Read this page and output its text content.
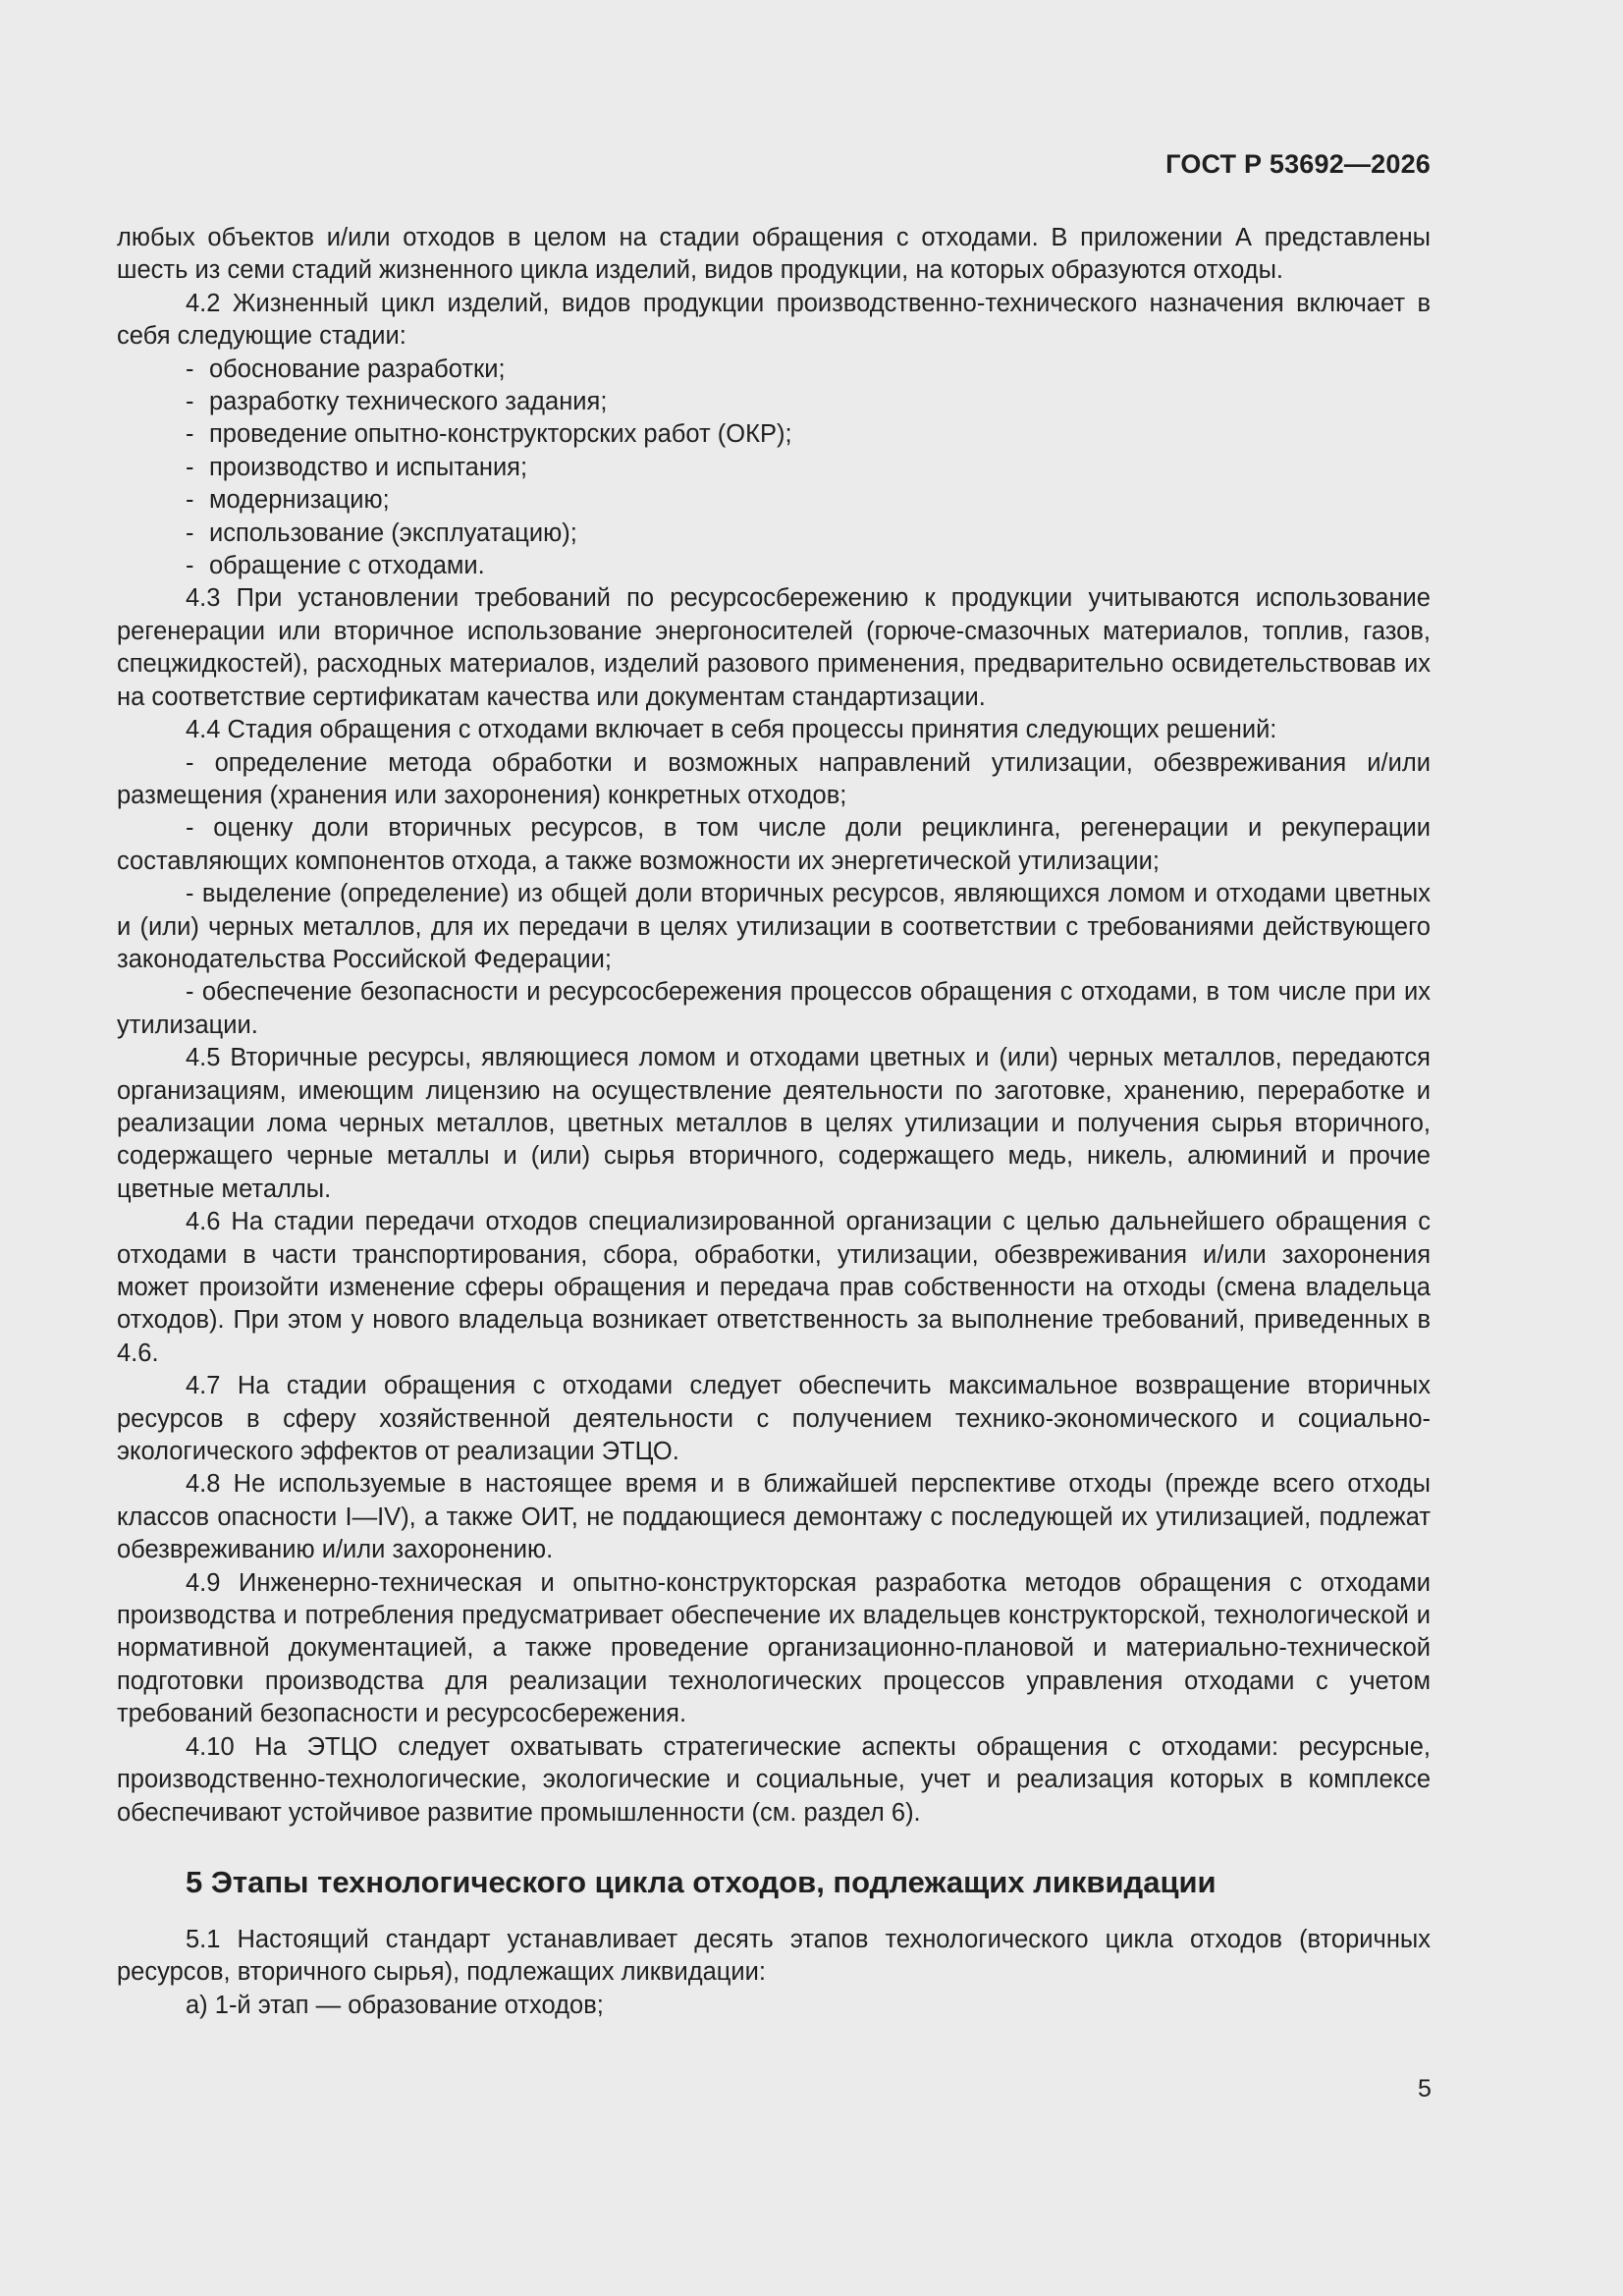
ГОСТ Р 53692—2026

любых объектов и/или отходов в целом на стадии обращения с отходами. В приложении А представлены шесть из семи стадий жизненного цикла изделий, видов продукции, на которых образуются отходы.

4.2 Жизненный цикл изделий, видов продукции производственно-технического назначения включает в себя следующие стадии:

- обоснование разработки;
- разработку технического задания;
- проведение опытно-конструкторских работ (ОКР);
- производство и испытания;
- модернизацию;
- использование (эксплуатацию);
- обращение с отходами.

4.3 При установлении требований по ресурсосбережению к продукции учитываются использование регенерации или вторичное использование энергоносителей (горюче-смазочных материалов, топлив, газов, спецжидкостей), расходных материалов, изделий разового применения, предварительно освидетельствовав их на соответствие сертификатам качества или документам стандартизации.

4.4 Стадия обращения с отходами включает в себя процессы принятия следующих решений:

- определение метода обработки и возможных направлений утилизации, обезвреживания и/или размещения (хранения или захоронения) конкретных отходов;

- оценку доли вторичных ресурсов, в том числе доли рециклинга, регенерации и рекуперации составляющих компонентов отхода, а также возможности их энергетической утилизации;

- выделение (определение) из общей доли вторичных ресурсов, являющихся ломом и отходами цветных и (или) черных металлов, для их передачи в целях утилизации в соответствии с требованиями действующего законодательства Российской Федерации;

- обеспечение безопасности и ресурсосбережения процессов обращения с отходами, в том числе при их утилизации.

4.5 Вторичные ресурсы, являющиеся ломом и отходами цветных и (или) черных металлов, передаются организациям, имеющим лицензию на осуществление деятельности по заготовке, хранению, переработке и реализации лома черных металлов, цветных металлов в целях утилизации и получения сырья вторичного, содержащего черные металлы и (или) сырья вторичного, содержащего медь, никель, алюминий и прочие цветные металлы.

4.6 На стадии передачи отходов специализированной организации с целью дальнейшего обращения с отходами в части транспортирования, сбора, обработки, утилизации, обезвреживания и/или захоронения может произойти изменение сферы обращения и передача прав собственности на отходы (смена владельца отходов). При этом у нового владельца возникает ответственность за выполнение требований, приведенных в 4.6.

4.7 На стадии обращения с отходами следует обеспечить максимальное возвращение вторичных ресурсов в сферу хозяйственной деятельности с получением технико-экономического и социально-экологического эффектов от реализации ЭТЦО.

4.8 Не используемые в настоящее время и в ближайшей перспективе отходы (прежде всего отходы классов опасности I—IV), а также ОИТ, не поддающиеся демонтажу с последующей их утилизацией, подлежат обезвреживанию и/или захоронению.

4.9 Инженерно-техническая и опытно-конструкторская разработка методов обращения с отходами производства и потребления предусматривает обеспечение их владельцев конструкторской, технологической и нормативной документацией, а также проведение организационно-плановой и материально-технической подготовки производства для реализации технологических процессов управления отходами с учетом требований безопасности и ресурсосбережения.

4.10 На ЭТЦО следует охватывать стратегические аспекты обращения с отходами: ресурсные, производственно-технологические, экологические и социальные, учет и реализация которых в комплексе обеспечивают устойчивое развитие промышленности (см. раздел 6).

5 Этапы технологического цикла отходов, подлежащих ликвидации

5.1 Настоящий стандарт устанавливает десять этапов технологического цикла отходов (вторичных ресурсов, вторичного сырья), подлежащих ликвидации:

а) 1-й этап — образование отходов;

5
